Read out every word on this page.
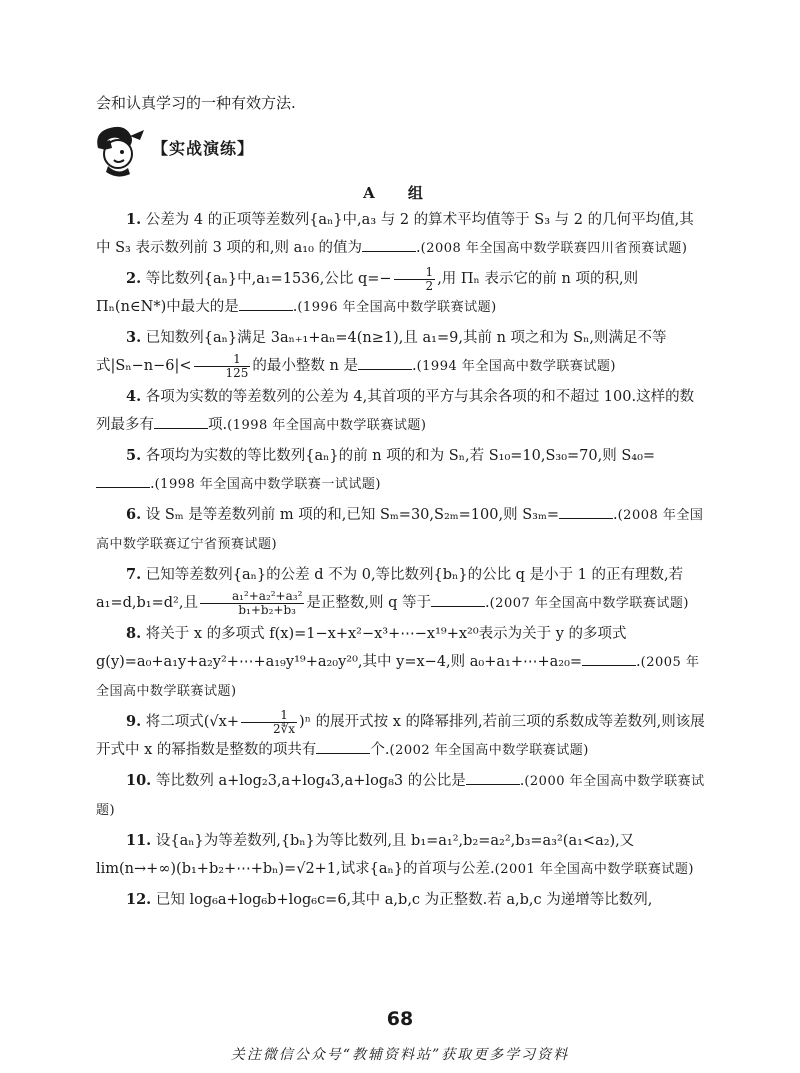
会和认真学习的一种有效方法.
【实战演练】
A 组

1. 公差为 4 的正项等差数列{aₙ}中,a₃ 与 2 的算术平均值等于 S₃ 与 2 的几何平均值,其中 S₃ 表示数列前 3 项的和,则 a₁₀ 的值为	.(2008 年全国高中数学联赛四川省预赛试题)

2. 等比数列{aₙ}中,a₁=1536,公比 $q=- \frac{1}{2}$ ,用 Πₙ 表示它的前 n 项的积,则 Πₙ(n∈N*)中最大的是	.(1996 年全国高中数学联赛试题)

3. 已知数列{aₙ}满足 3aₙ₊₁+aₙ=4(n≥1),且 a₁=9,其前 n 项之和为 Sₙ,则满足不等式$|S_n-n-6|< \frac{1}{125}$ 的最小整数 n 是	.(1994 年全国高中数学联赛试题)

4. 各项为实数的等差数列的公差为 4,其首项的平方与其余各项的和不超过 100.这样的数列最多有	项.(1998 年全国高中数学联赛试题)

5. 各项均为实数的等比数列{aₙ}的前 n 项的和为 Sₙ,若 S₁₀=10,S₃₀=70,则 S₄₀=.(1998 年全国高中数学联赛一试试题)

6. 设 Sₘ 是等差数列前 m 项的和,已知 Sₘ=30,S₂ₘ=100,则 S₃ₘ=	.(2008 年全国高中数学联赛辽宁省预赛试题)

7. 已知等差数列{aₙ}的公差 d 不为 0,等比数列{bₙ}的公比 q 是小于 1 的正有理数,若 a₁=d,b₁=d²,且 $\frac{\text{a₁²+a₂²+a₃²}}{\text{b₁+b₂+b₃}}$ 是正整数,则 q 等于	.(2007 年全国高中数学联赛试题)

8. 将关于 x 的多项式 f(x)=1−x+x²−x³+⋯−x¹⁹+x²⁰表示为关于 y 的多项式 g(y)=a₀+a₁y+a₂y²+⋯+a₁₉y¹⁹+a₂₀y²⁰,其中 y=x−4,则 a₀+a₁+⋯+a₂₀=	.(2005 年全国高中数学联赛试题)

9. 将二项式$(√x+ \frac{1}{2∜x} )^n$ 的展开式按 x 的降幂排列,若前三项的系数成等差数列,则该展开式中 x 的幂指数是整数的项共有	个.(2002 年全国高中数学联赛试题)

10. 等比数列 a+log₂3,a+log₄3,a+log₈3 的公比是	.(2000 年全国高中数学联赛试题)

11. 设{aₙ}为等差数列,{bₙ}为等比数列,且 b₁=a₁²,b₂=a₂²,b₃=a₃²(a₁<a₂),又 lim(n→+∞)(b₁+b₂+⋯+bₙ)=√2+1,试求{aₙ}的首项与公差.(2001 年全国高中数学联赛试题)

12. 已知 log₆a+log₆b+log₆c=6,其中 a,b,c 为正整数.若 a,b,c 为递增等比数列,

68
关注微信公众号“教辅资料站”获取更多学习资料
